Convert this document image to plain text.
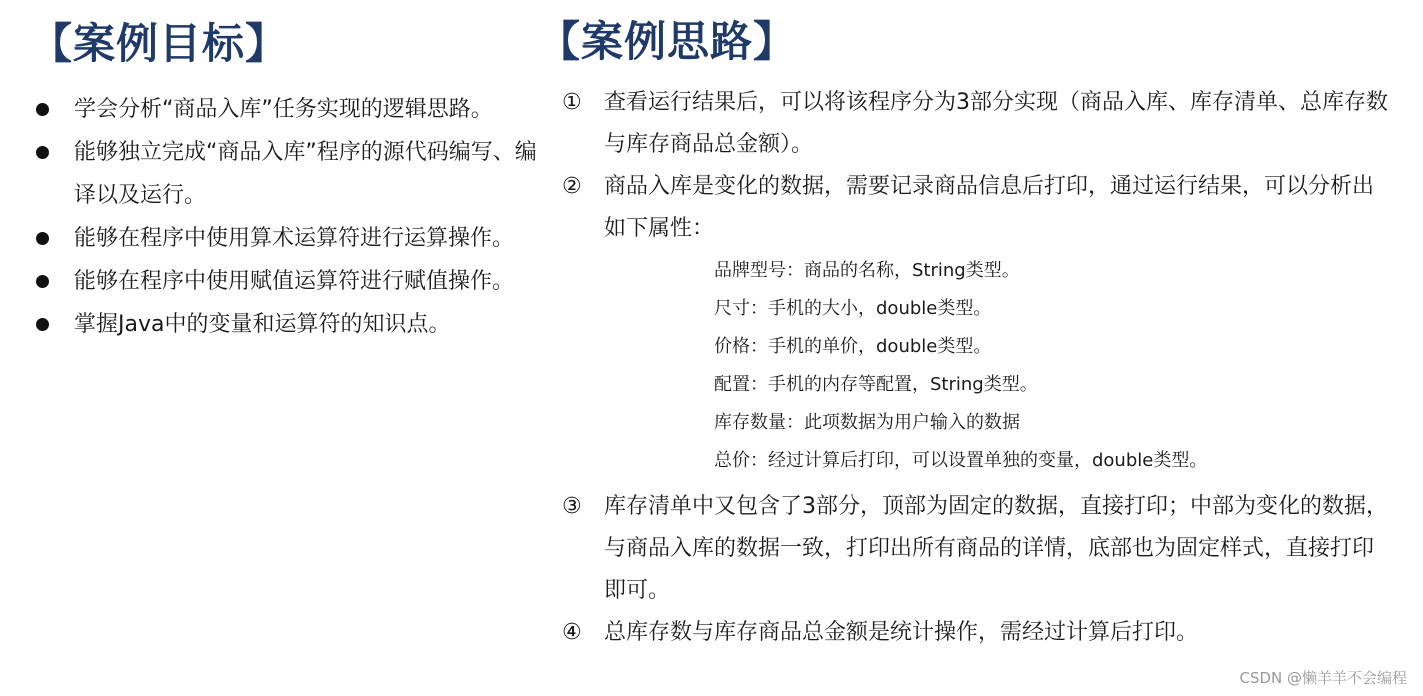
【案例目标】
学会分析“商品入库”任务实现的逻辑思路。
能够独立完成“商品入库”程序的源代码编写、编译以及运行。
能够在程序中使用算术运算符进行运算操作。
能够在程序中使用赋值运算符进行赋值操作。
掌握Java中的变量和运算符的知识点。
【案例思路】
① 查看运行结果后，可以将该程序分为3部分实现（商品入库、库存清单、总库存数与库存商品总金额）。
② 商品入库是变化的数据，需要记录商品信息后打印，通过运行结果，可以分析出如下属性：
品牌型号：商品的名称，String类型。
尺寸：手机的大小，double类型。
价格：手机的单价，double类型。
配置：手机的内存等配置，String类型。
库存数量：此项数据为用户输入的数据
总价：经过计算后打印，可以设置单独的变量，double类型。
③ 库存清单中又包含了3部分，顶部为固定的数据，直接打印；中部为变化的数据，与商品入库的数据一致，打印出所有商品的详情，底部也为固定样式，直接打印即可。
④ 总库存数与库存商品总金额是统计操作，需经过计算后打印。
CSDN @懒羊羊不会编程
